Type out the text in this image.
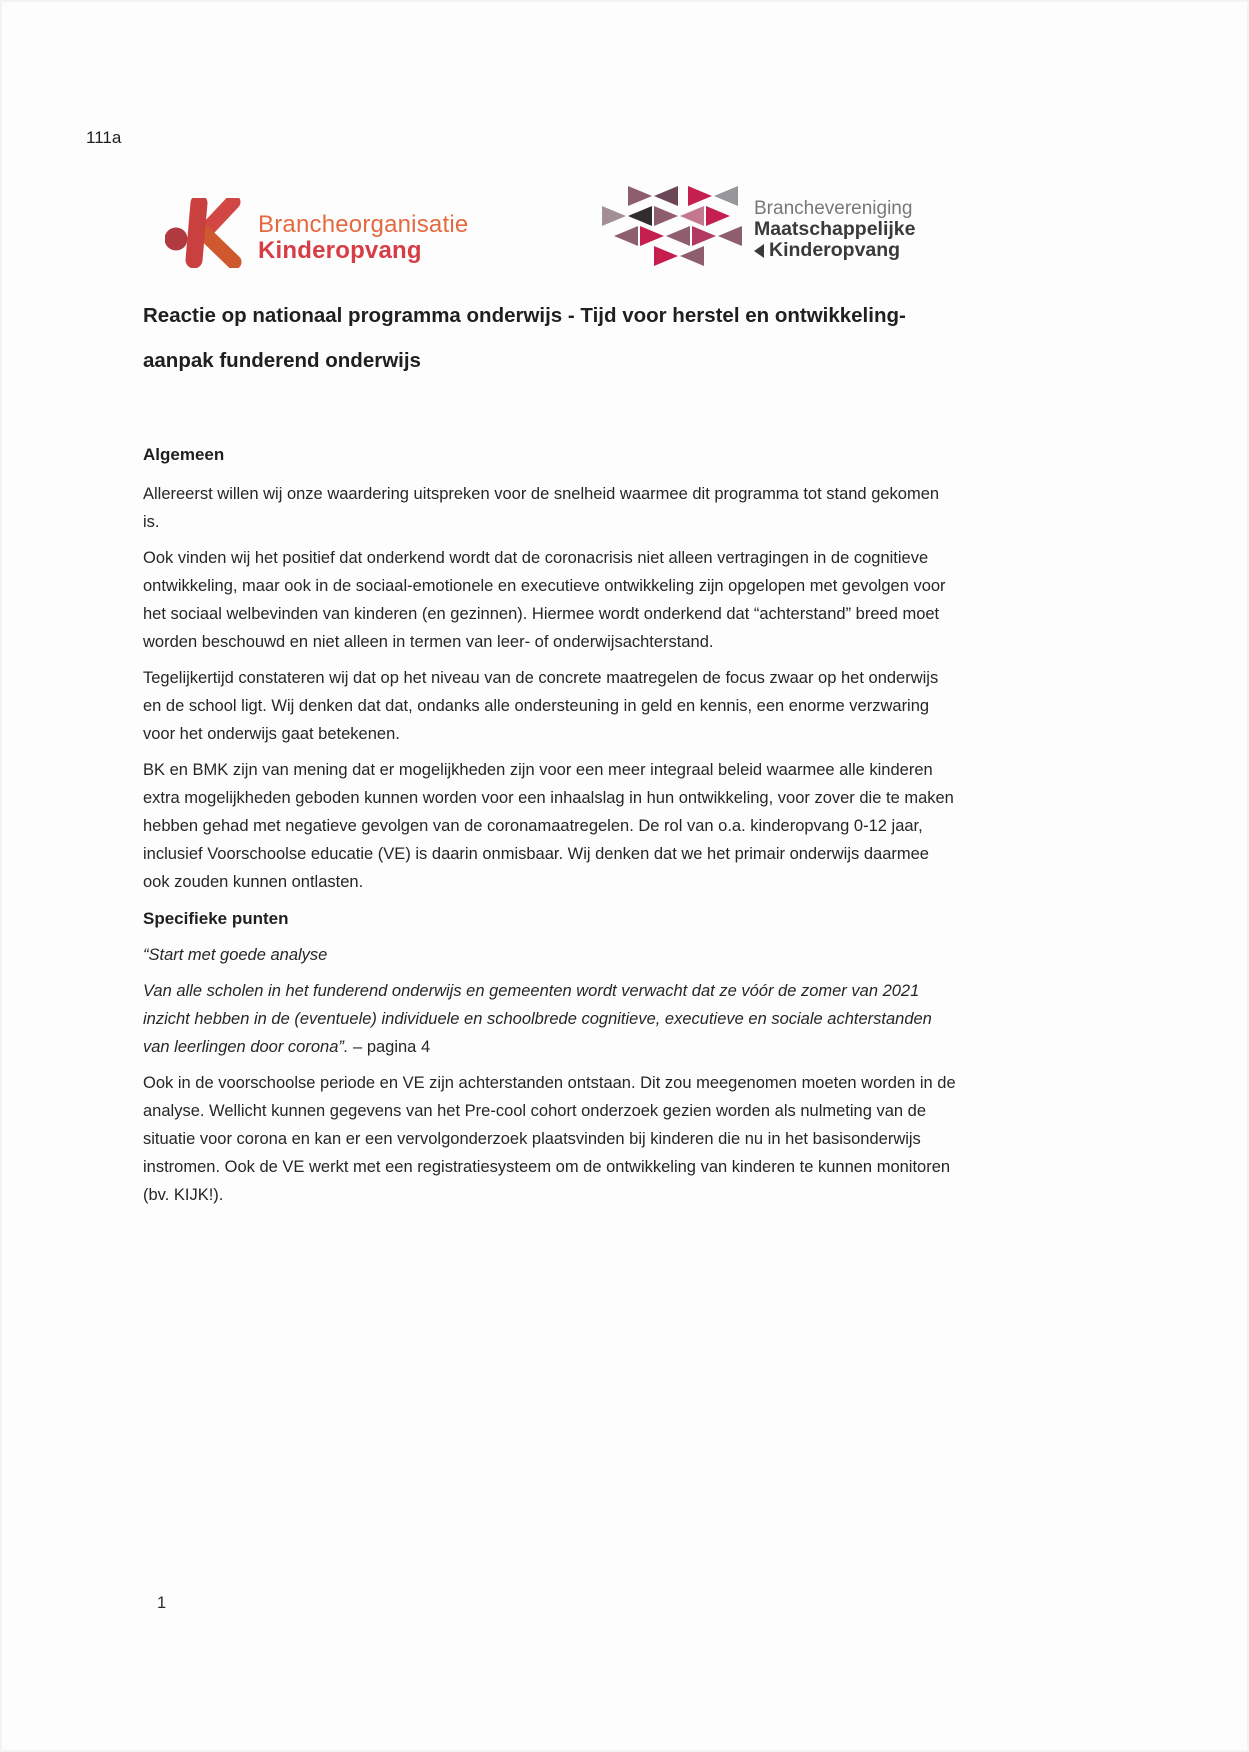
111a
Brancheorganisatie
Kinderopvang
Branchevereniging
Maatschappelijke
Kinderopvang
Reactie op nationaal programma onderwijs - Tijd voor herstel en ontwikkeling-
aanpak funderend onderwijs
Algemeen

Allereerst willen wij onze waardering uitspreken voor de snelheid waarmee dit programma tot stand gekomen is.

Ook vinden wij het positief dat onderkend wordt dat de coronacrisis niet alleen vertragingen in de cognitieve ontwikkeling, maar ook in de sociaal-emotionele en executieve ontwikkeling zijn opgelopen met gevolgen voor het sociaal welbevinden van kinderen (en gezinnen). Hiermee wordt onderkend dat “achterstand” breed moet worden beschouwd en niet alleen in termen van leer- of onderwijsachterstand.

Tegelijkertijd constateren wij dat op het niveau van de concrete maatregelen de focus zwaar op het onderwijs en de school ligt. Wij denken dat dat, ondanks alle ondersteuning in geld en kennis, een enorme verzwaring voor het onderwijs gaat betekenen.

BK en BMK zijn van mening dat er mogelijkheden zijn voor een meer integraal beleid waarmee alle kinderen extra mogelijkheden geboden kunnen worden voor een inhaalslag in hun ontwikkeling, voor zover die te maken hebben gehad met negatieve gevolgen van de coronamaatregelen. De rol van o.a. kinderopvang 0-12 jaar, inclusief Voorschoolse educatie (VE) is daarin onmisbaar. Wij denken dat we het primair onderwijs daarmee ook zouden kunnen ontlasten.

Specifieke punten

“Start met goede analyse

Van alle scholen in het funderend onderwijs en gemeenten wordt verwacht dat ze vóór de zomer van 2021 inzicht hebben in de (eventuele) individuele en schoolbrede cognitieve, executieve en sociale achterstanden van leerlingen door corona”. – pagina 4

Ook in de voorschoolse periode en VE zijn achterstanden ontstaan. Dit zou meegenomen moeten worden in de analyse. Wellicht kunnen gegevens van het Pre-cool cohort onderzoek gezien worden als nulmeting van de situatie voor corona en kan er een vervolgonderzoek plaatsvinden bij kinderen die nu in het basisonderwijs instromen. Ook de VE werkt met een registratiesysteem om de ontwikkeling van kinderen te kunnen monitoren (bv. KIJK!).

1
